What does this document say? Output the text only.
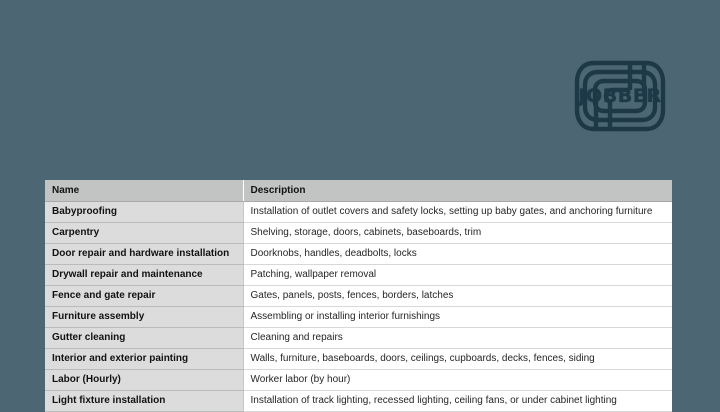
JOBBER
Name	Description
Babyproofing	Installation of outlet covers and safety locks, setting up baby gates, and anchoring furniture
Carpentry	Shelving, storage, doors, cabinets, baseboards, trim
Door repair and hardware installation	Doorknobs, handles, deadbolts, locks
Drywall repair and maintenance	Patching, wallpaper removal
Fence and gate repair	Gates, panels, posts, fences, borders, latches
Furniture assembly	Assembling or installing interior furnishings
Gutter cleaning	Cleaning and repairs
Interior and exterior painting	Walls, furniture, baseboards, doors, ceilings, cupboards, decks, fences, siding
Labor (Hourly)	Worker labor (by hour)
Light fixture installation	Installation of track lighting, recessed lighting, ceiling fans, or under cabinet lighting
